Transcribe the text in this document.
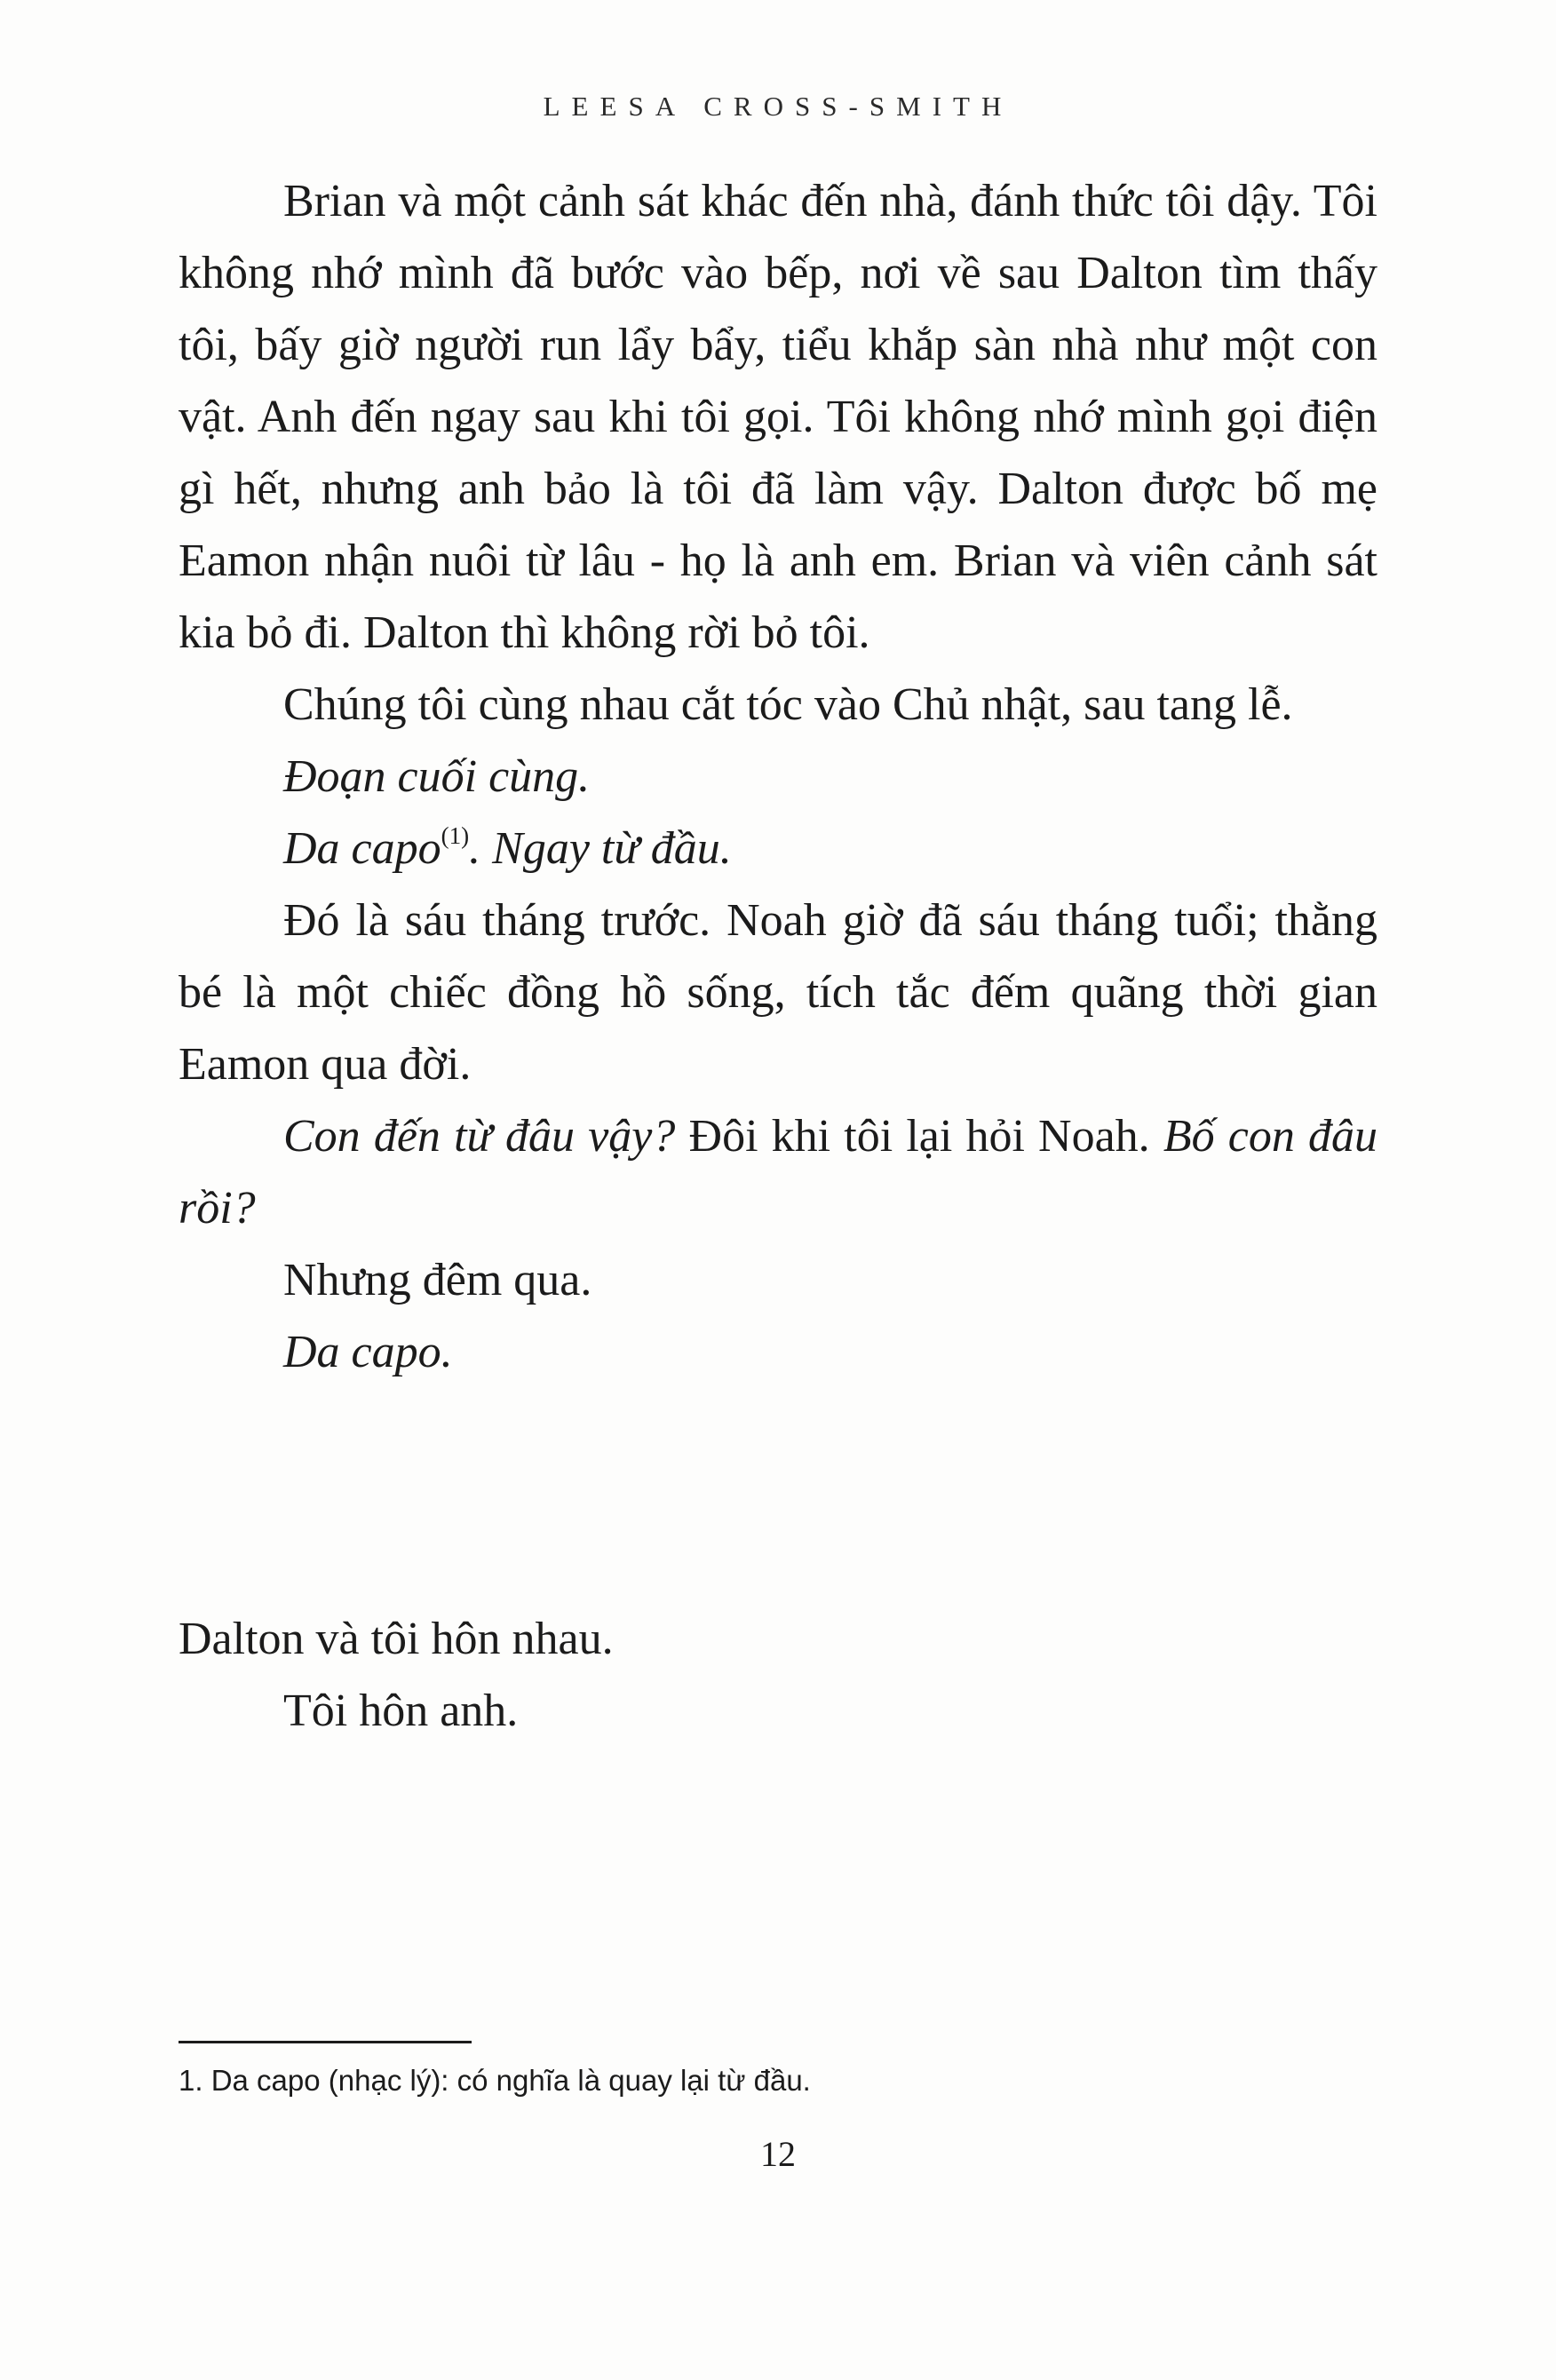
LEESA CROSS-SMITH

Brian và một cảnh sát khác đến nhà, đánh thức tôi dậy. Tôi không nhớ mình đã bước vào bếp, nơi về sau Dalton tìm thấy tôi, bấy giờ người run lẩy bẩy, tiểu khắp sàn nhà như một con vật. Anh đến ngay sau khi tôi gọi. Tôi không nhớ mình gọi điện gì hết, nhưng anh bảo là tôi đã làm vậy. Dalton được bố mẹ Eamon nhận nuôi từ lâu - họ là anh em. Brian và viên cảnh sát kia bỏ đi. Dalton thì không rời bỏ tôi.

Chúng tôi cùng nhau cắt tóc vào Chủ nhật, sau tang lễ.

Đoạn cuối cùng.

Da capo$^{(1)}$. Ngay từ đầu.

Đó là sáu tháng trước. Noah giờ đã sáu tháng tuổi; thằng bé là một chiếc đồng hồ sống, tích tắc đếm quãng thời gian Eamon qua đời.

Con đến từ đâu vậy? Đôi khi tôi lại hỏi Noah. Bố con đâu rồi?

Nhưng đêm qua.

Da capo.

Dalton và tôi hôn nhau.

Tôi hôn anh.

1. Da capo (nhạc lý): có nghĩa là quay lại từ đầu.

12
